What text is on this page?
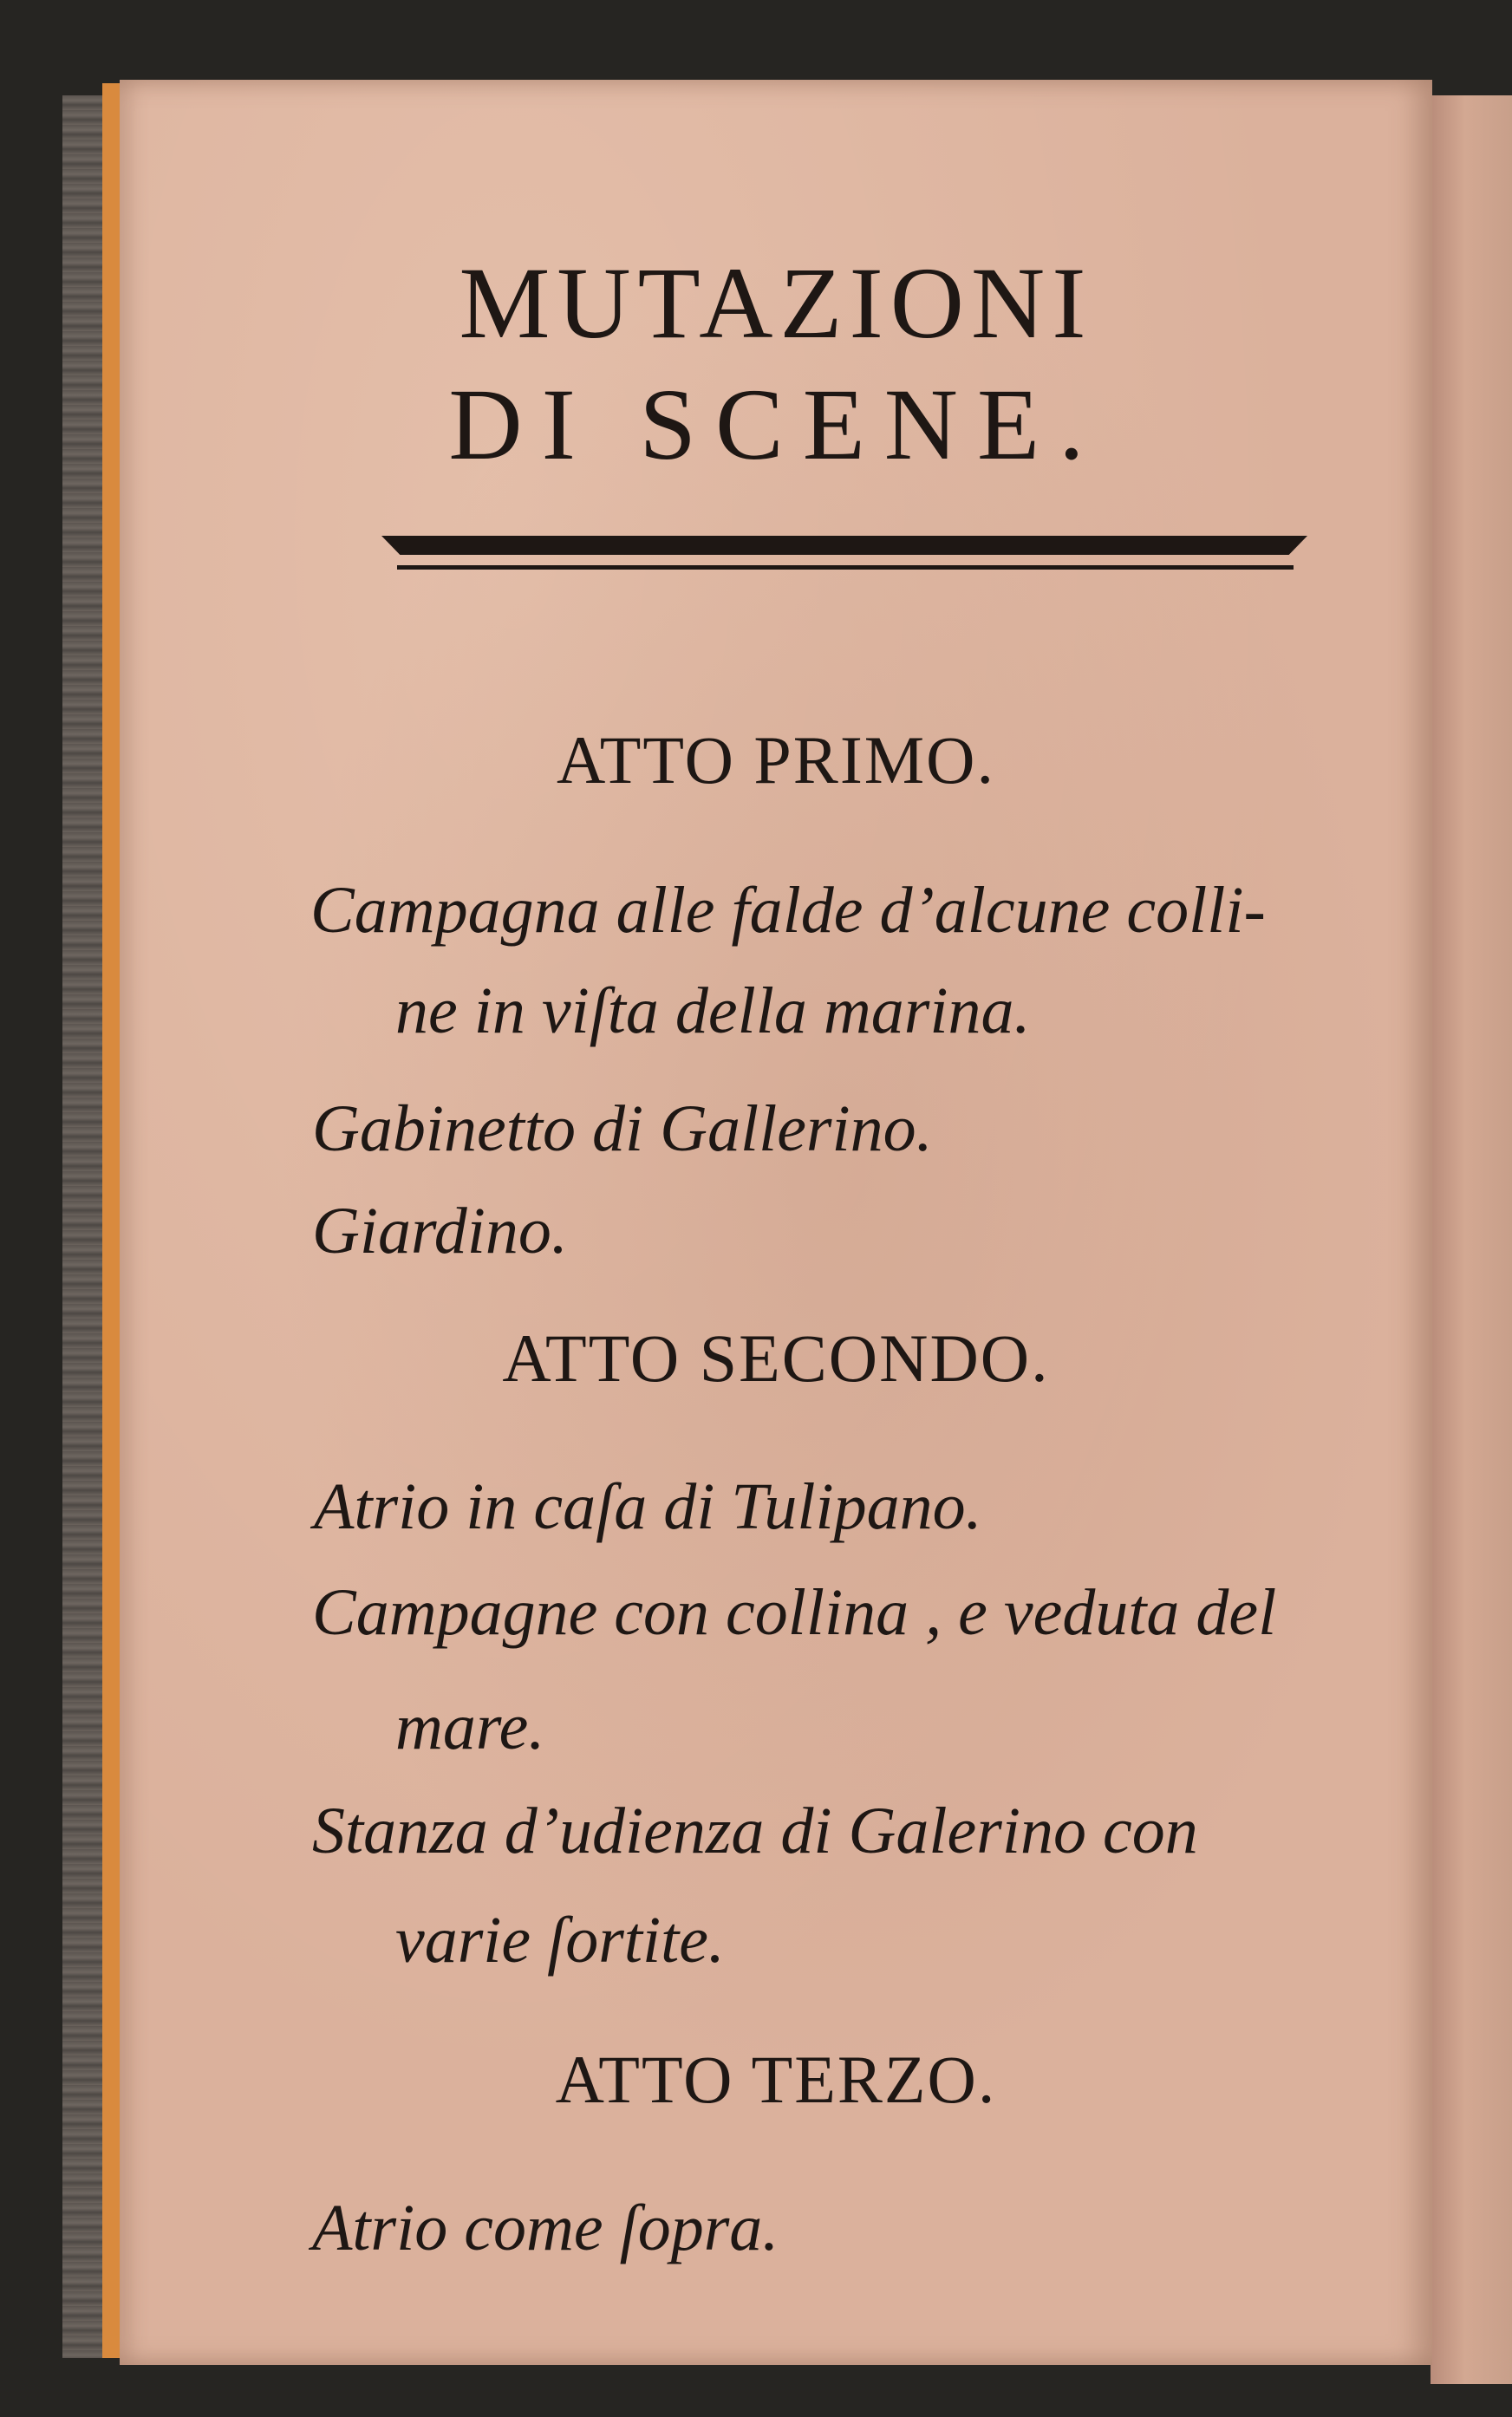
MUTAZIONI
DI SCENE.
ATTO PRIMO.

Campagna alle falde d’alcune colli-

ne in viſta della marina.

Gabinetto di Gallerino.

Giardino.

ATTO SECONDO.

Atrio in caſa di Tulipano.

Campagne con collina , e veduta del

mare.

Stanza d’udienza di Galerino con

varie ſortite.

ATTO TERZO.

Atrio come ſopra.
